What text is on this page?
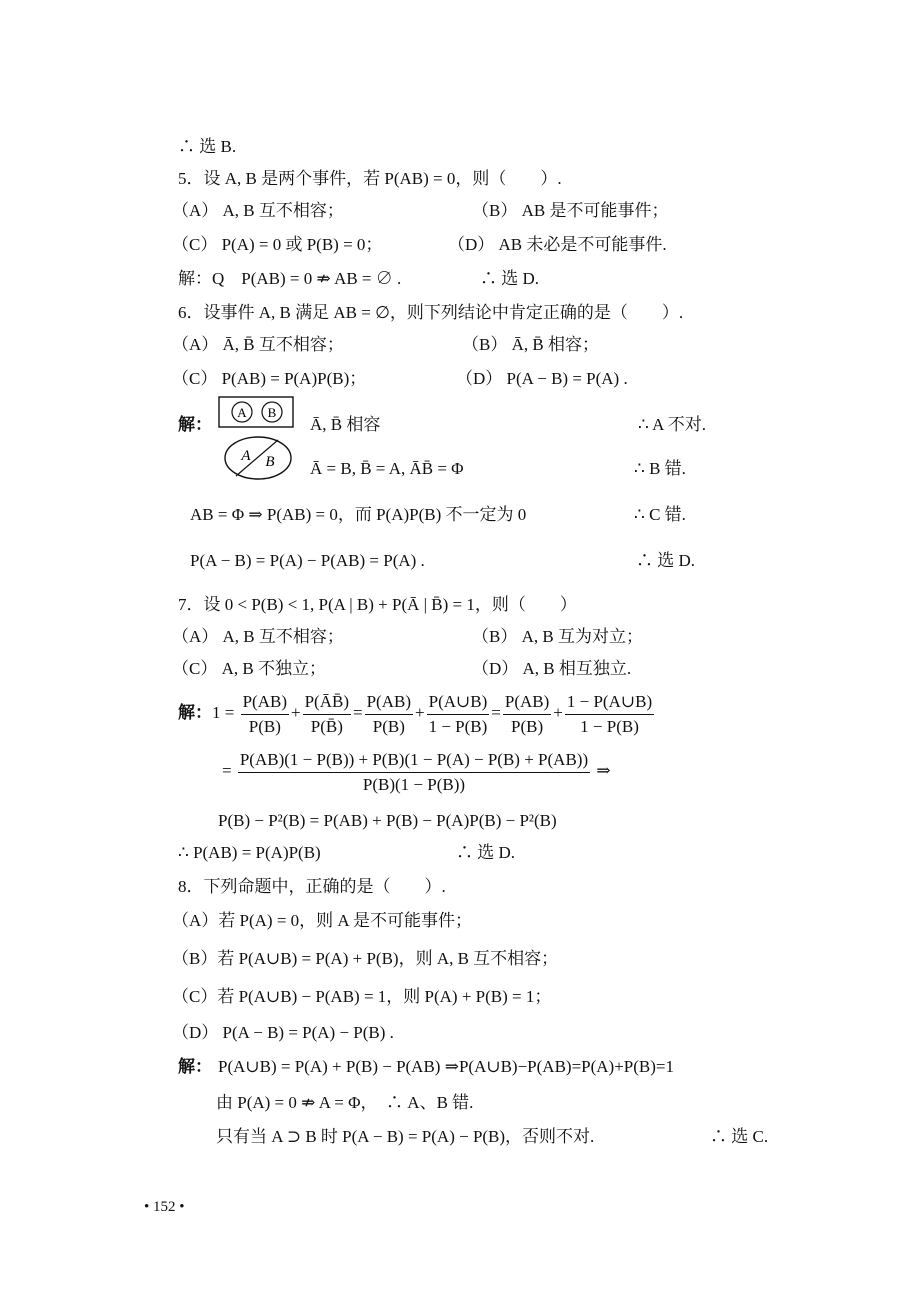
∴ 选 B.
5．设 A, B 是两个事件，若 P(AB) = 0，则（　　）.
（A） A, B 互不相容；	（B） AB 是不可能事件；
（C） P(A) = 0 或 P(B) = 0；	（D） AB 未必是不可能事件.
解：Q　P(AB) = 0 ⇏ AB = ∅ .	∴ 选 D.
6．设事件 A, B 满足 AB = ∅，则下列结论中肯定正确的是（　　）.
（A） Ā, B̄ 互不相容；	（B） Ā, B̄ 相容；
（C） P(AB) = P(A)P(B)；	（D） P(A − B) = P(A) .
解：
A B
A B
Ā, B̄ 相容	∴ A 不对.
Ā = B, B̄ = A, ĀB̄ = Φ	∴ B 错.
AB = Φ ⇒ P(AB) = 0，而 P(A)P(B) 不一定为 0	∴ C 错.
P(A − B) = P(A) − P(AB) = P(A) .	∴ 选 D.
7．设 0 < P(B) < 1, P(A | B) + P(Ā | B̄) = 1，则（　　）
（A） A, B 互不相容；	（B） A, B 互为对立；
（C） A, B 不独立；	（D） A, B 相互独立.
解：$1 = \frac{P(AB)}{P(B)} + \frac{P(ĀB̄)}{P(B̄)} = \frac{P(AB)}{P(B)} + \frac{P(A\cup B)}{1 - P(B)} = \frac{P(AB)}{P(B)} + \frac{1 - P(A\cup B)}{1 - P(B)}$
= $\frac{P(AB)(1 - P(B)) + P(B)(1 - P(A) - P(B) + P(AB))}{P(B)(1 - P(B))}$ ⇒
P(B) − P²(B) = P(AB) + P(B) − P(A)P(B) − P²(B)
∴ P(AB) = P(A)P(B)	∴ 选 D.
8．下列命题中，正确的是（　　）.
（A）若 P(A) = 0，则 A 是不可能事件；
（B）若 P(A∪B) = P(A) + P(B)，则 A, B 互不相容；
（C）若 P(A∪B) − P(AB) = 1，则 P(A) + P(B) = 1；
（D） P(A − B) = P(A) − P(B) .
解： P(A∪B) = P(A) + P(B) − P(AB) ⇒P(A∪B)−P(AB)=P(A)+P(B)=1
由 P(A) = 0 ⇏ A = Φ，　∴ A、B 错.
只有当 A ⊃ B 时 P(A − B) = P(A) − P(B)，否则不对.	∴ 选 C.
• 152 •
